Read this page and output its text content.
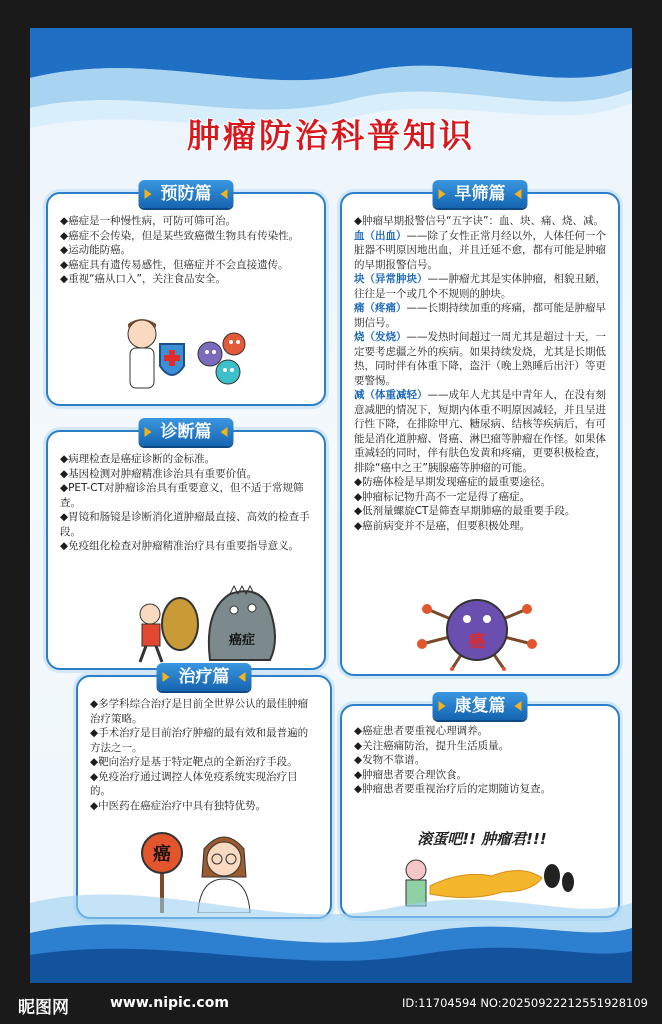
肿瘤防治科普知识
预防篇

◆癌症是一种慢性病，可防可筛可治。

◆癌症不会传染，但是某些致癌微生物具有传染性。

◆运动能防癌。

◆癌症具有遗传易感性，但癌症并不会直接遗传。

◆重视“癌从口入”，关注食品安全。

诊断篇

◆病理检查是癌症诊断的金标准。

◆基因检测对肿瘤精准诊治具有重要价值。

◆PET-CT对肿瘤诊治具有重要意义，但不适于常规筛查。

◆胃镜和肠镜是诊断消化道肿瘤最直接、高效的检查手段。

◆免疫组化检查对肿瘤精准治疗具有重要指导意义。

癌症
治疗篇

◆多学科综合治疗是目前全世界公认的最佳肿瘤治疗策略。

◆手术治疗是目前治疗肿瘤的最有效和最普遍的方法之一。

◆靶向治疗是基于特定靶点的全新治疗手段。

◆免疫治疗通过调控人体免疫系统实现治疗目的。

◆中医药在癌症治疗中具有独特优势。

癌
早筛篇

◆肿瘤早期报警信号“五字诀”：血、块、痛、烧、减。

血（出血）——除了女性正常月经以外，人体任何一个脏器不明原因地出血，并且迁延不愈，都有可能是肿瘤的早期报警信号。

块（异常肿块）——肿瘤尤其是实体肿瘤，相貌丑陋，往往是一个或几个不规则的肿块。

痛（疼痛）——长期持续加重的疼痛，都可能是肿瘤早期信号。

烧（发烧）——发热时间超过一周尤其是超过十天，一定要考虑疆之外的疾病。如果持续发烧，尤其是长期低热，同时伴有体重下降，盗汗（晚上熟睡后出汗）等更要警惕。

减（体重减轻）——成年人尤其是中青年人，在没有刻意减肥的情况下，短期内体重不明原因减轻，并且呈进行性下降，在排除甲亢、糖尿病、结核等疾病后，有可能是消化道肿瘤、肾癌、淋巴瘤等肿瘤在作怪。如果体重减轻的同时，伴有肤色发黄和疼痛，更要积极检查，排除“癌中之王”胰腺癌等肿瘤的可能。

◆防癌体检是早期发现癌症的最重要途径。

◆肿瘤标记物升高不一定是得了癌症。

◆低剂量螺旋CT是筛查早期肺癌的最重要手段。

◆癌前病变并不是癌，但要积极处理。

癌
康复篇

◆癌症患者要重视心理调养。

◆关注癌痛防治，提升生活质量。

◆发物不靠谱。

◆肿瘤患者要合理饮食。

◆肿瘤患者要重视治疗后的定期随访复查。

滚蛋吧!! 肿瘤君!!!
昵图网	www.nipic.com	ID:11704594 NO:20250922212551928109
